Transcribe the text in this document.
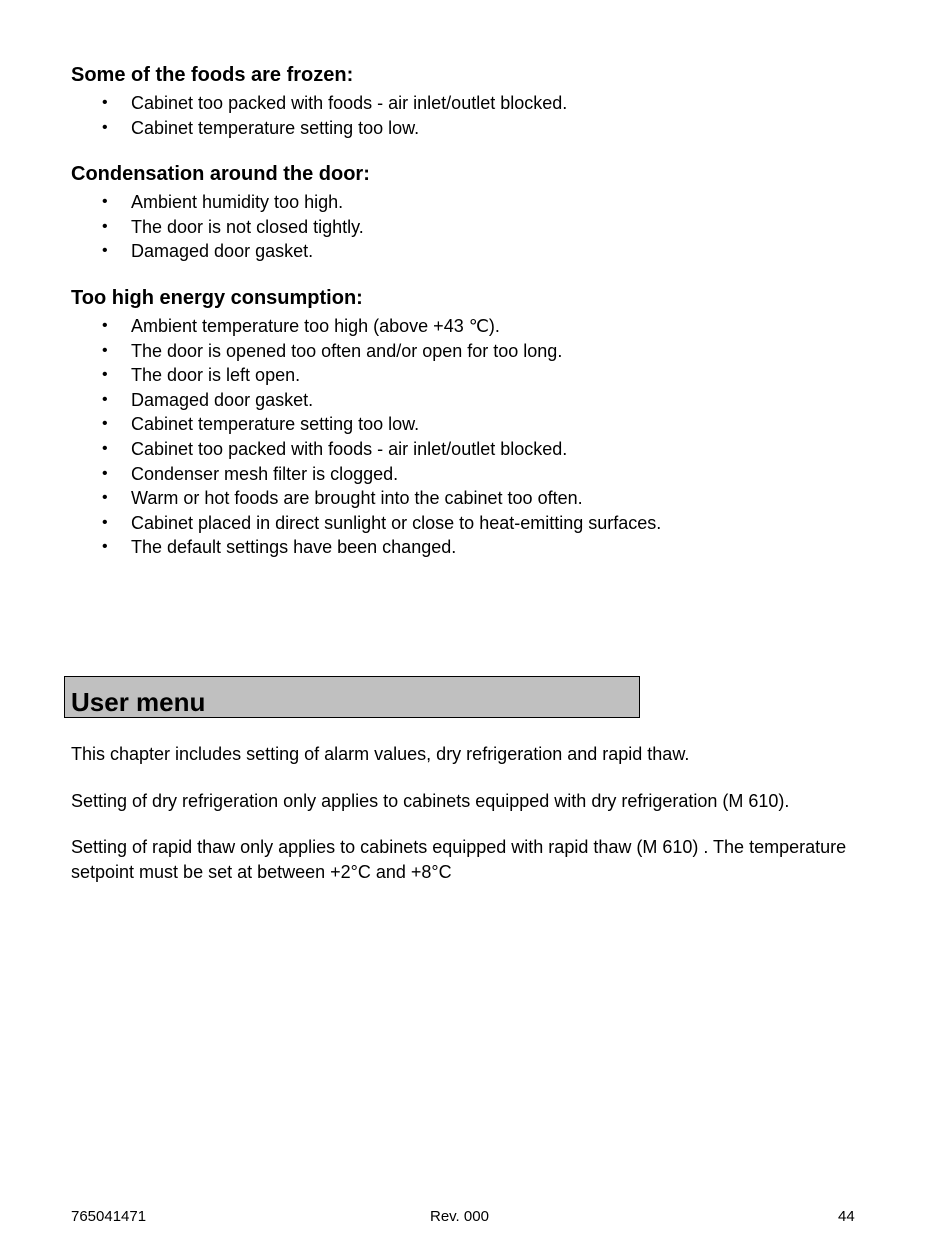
Some of the foods are frozen:
• Cabinet too packed with foods - air inlet/outlet blocked.
• Cabinet temperature setting too low.
Condensation around the door:
• Ambient humidity too high.
• The door is not closed tightly.
• Damaged door gasket.
Too high energy consumption:
• Ambient temperature too high (above +43 ℃).
• The door is opened too often and/or open for too long.
• The door is left open.
• Damaged door gasket.
• Cabinet temperature setting too low.
• Cabinet too packed with foods - air inlet/outlet blocked.
• Condenser mesh filter is clogged.
• Warm or hot foods are brought into the cabinet too often.
• Cabinet placed in direct sunlight or close to heat-emitting surfaces.
• The default settings have been changed.
User menu

This chapter includes setting of alarm values, dry refrigeration and rapid thaw.

Setting of dry refrigeration only applies to cabinets equipped with dry refrigeration (M 610).

Setting of rapid thaw only applies to cabinets equipped with rapid thaw (M 610) . The temperature setpoint must be set at between +2°C and +8°C

765041471	Rev. 000	44
